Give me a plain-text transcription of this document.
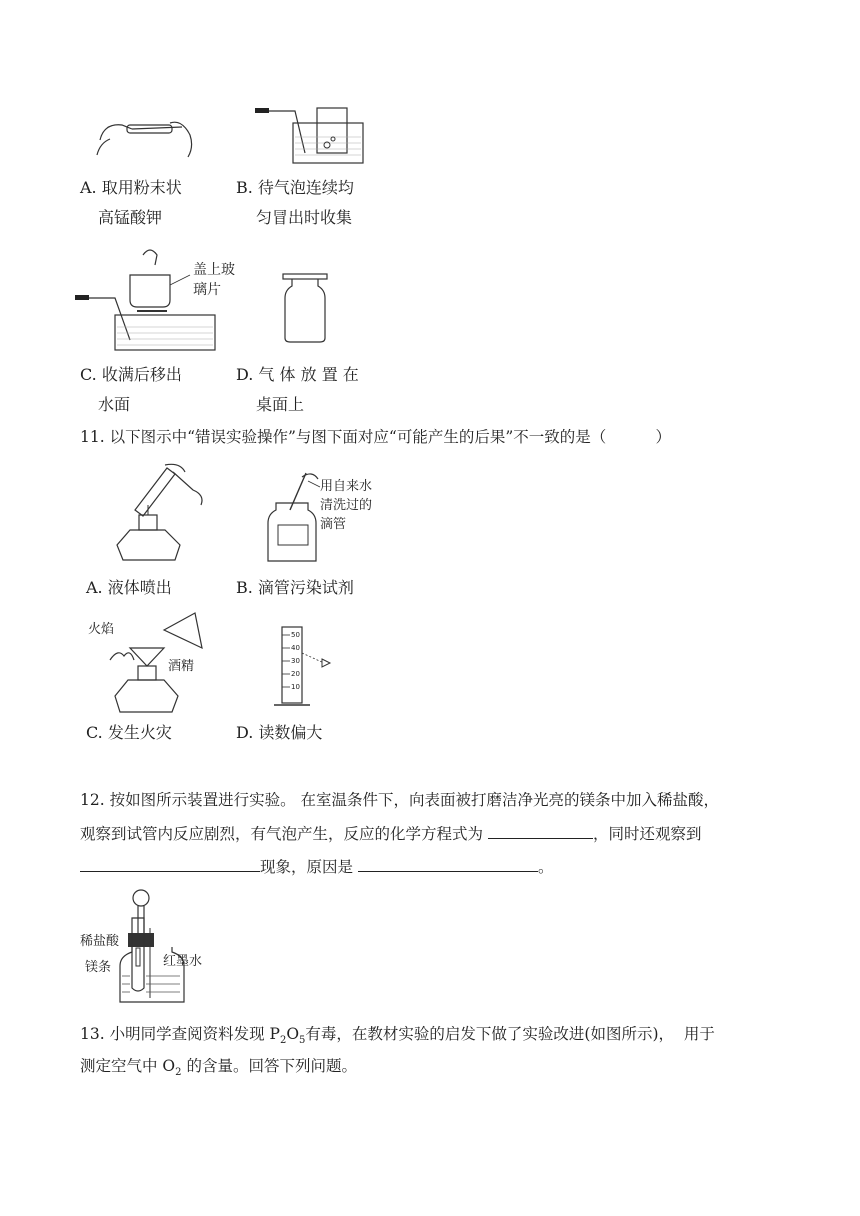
A. 取用粉末状
高锰酸钾
B. 待气泡连续均
匀冒出时收集
盖上玻
璃片
C. 收满后移出
水面
D. 气 体 放 置 在
桌面上
11. 以下图示中“错误实验操作”与图下面对应“可能产生的后果”不一致的是（          ）
用自来水
清洗过的
滴管
A. 液体喷出	B. 滴管污染试剂
火焰
酒精
50
40
30
20
10
C. 发生火灾	D. 读数偏大
12. 按如图所示装置进行实验。 在室温条件下，向表面被打磨洁净光亮的镁条中加入稀盐酸，
观察到试管内反应剧烈，有气泡产生，反应的化学方程式为	，同时还观察到
现象，原因是	。
稀盐酸
镁条	红墨水
13. 小明同学查阅资料发现 $P_2O_5$有毒，在教材实验的启发下做了实验改进(如图所示)，  用于
测定空气中 $O_2$ 的含量。回答下列问题。
